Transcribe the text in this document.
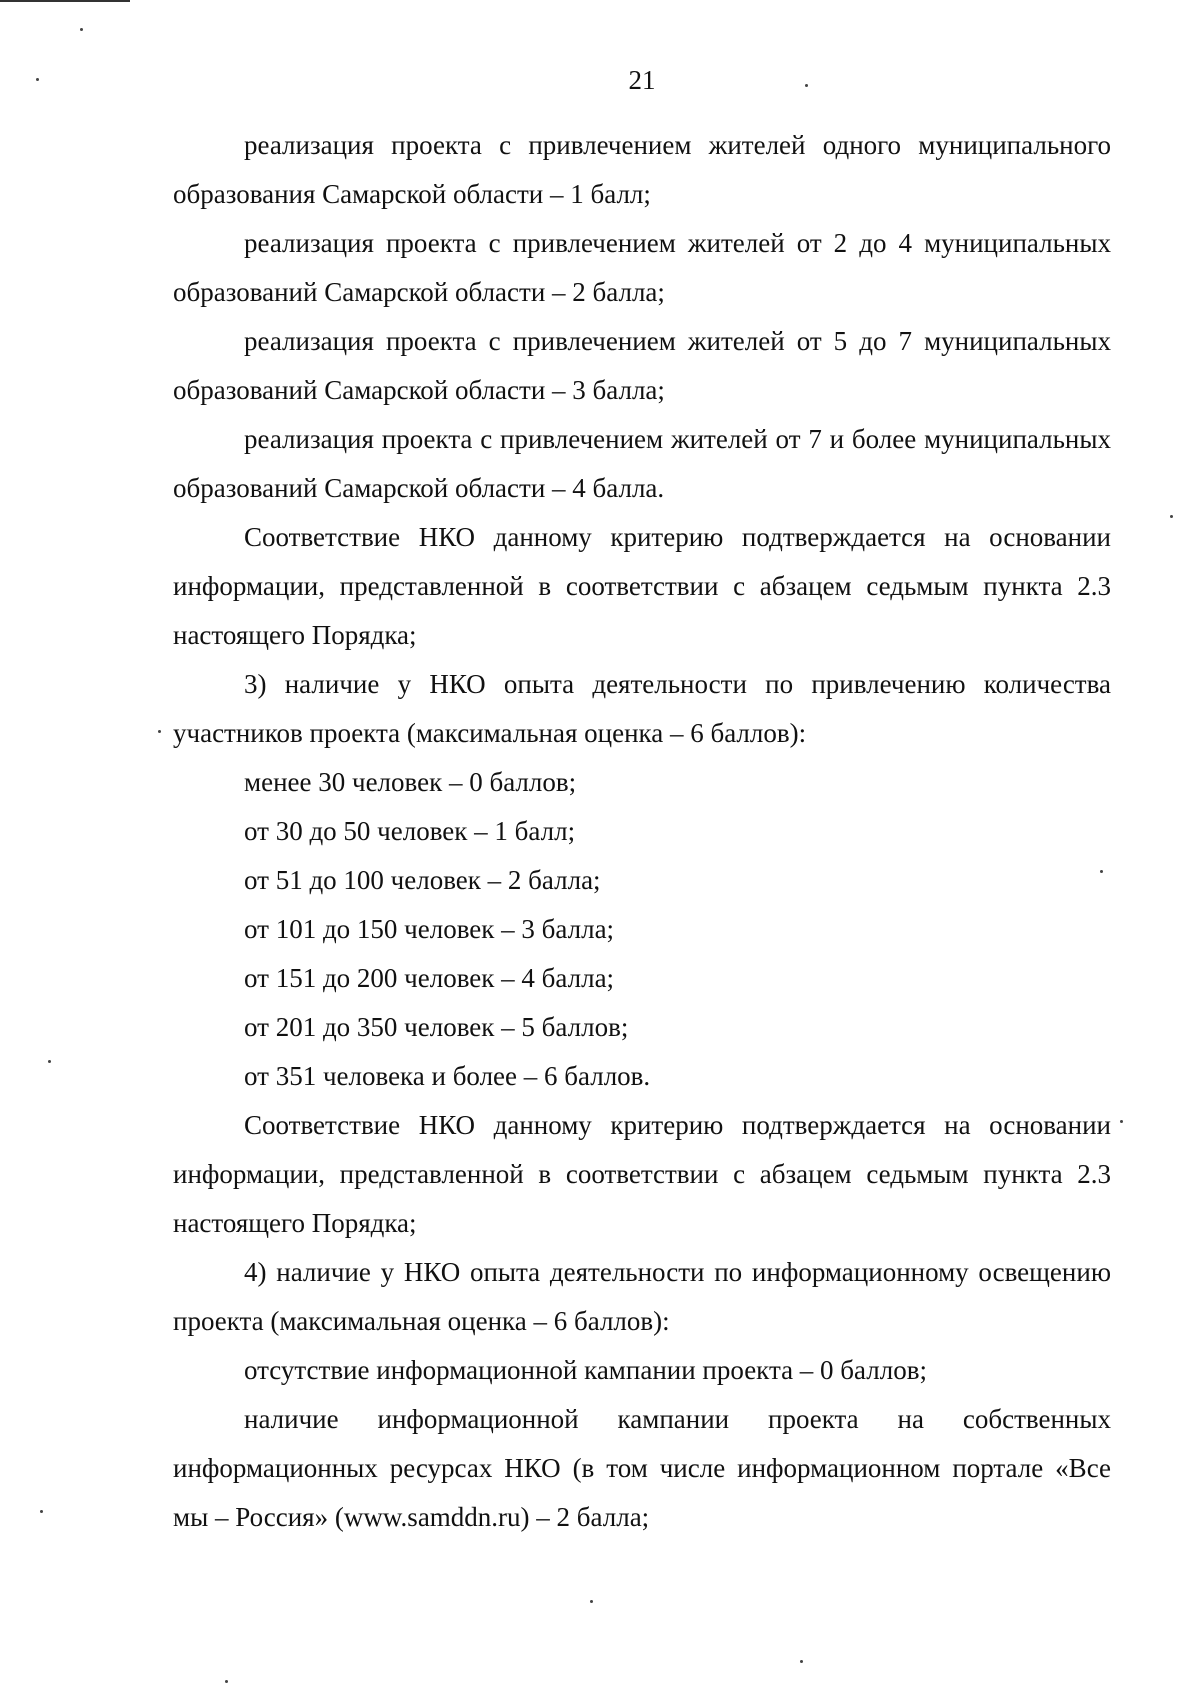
21

реализация проекта с привлечением жителей одного муниципального образования Самарской области – 1 балл;

реализация проекта с привлечением жителей от 2 до 4 муниципальных образований Самарской области – 2 балла;

реализация проекта с привлечением жителей от 5 до 7 муниципальных образований Самарской области – 3 балла;

реализация проекта с привлечением жителей от 7 и более муниципальных образований Самарской области – 4 балла.

Соответствие НКО данному критерию подтверждается на основании информации, представленной в соответствии с абзацем седьмым пункта 2.3 настоящего Порядка;

3) наличие у НКО опыта деятельности по привлечению количества участников проекта (максимальная оценка – 6 баллов):

менее 30 человек – 0 баллов;

от 30 до 50 человек – 1 балл;

от 51 до 100 человек – 2 балла;

от 101 до 150 человек – 3 балла;

от 151 до 200 человек – 4 балла;

от 201 до 350 человек – 5 баллов;

от 351 человека и более – 6 баллов.

Соответствие НКО данному критерию подтверждается на основании информации, представленной в соответствии с абзацем седьмым пункта 2.3 настоящего Порядка;

4) наличие у НКО опыта деятельности по информационному освещению проекта (максимальная оценка – 6 баллов):

отсутствие информационной кампании проекта – 0 баллов;

наличие информационной кампании проекта на собственных информационных ресурсах НКО (в том числе информационном портале «Все мы – Россия» (www.samddn.ru) – 2 балла;
